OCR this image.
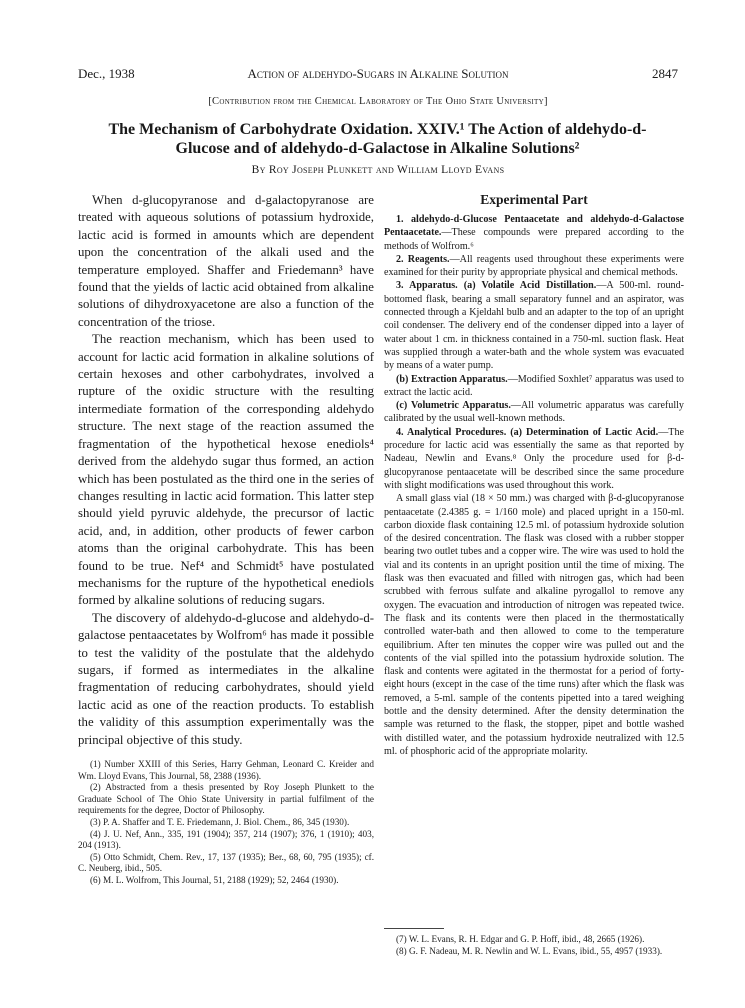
Dec., 1938	Action of aldehydo-Sugars in Alkaline Solution	2847
[Contribution from the Chemical Laboratory of The Ohio State University]
The Mechanism of Carbohydrate Oxidation. XXIV.¹ The Action of aldehydo-d-
Glucose and of aldehydo-d-Galactose in Alkaline Solutions²
By Roy Joseph Plunkett and William Lloyd Evans

When d-glucopyranose and d-galactopyranose are treated with aqueous solutions of potassium hydroxide, lactic acid is formed in amounts which are dependent upon the concentration of the alkali used and the temperature employed. Shaffer and Friedemann³ have found that the yields of lactic acid obtained from alkaline solutions of dihydroxyacetone are also a function of the concentration of the triose.

The reaction mechanism, which has been used to account for lactic acid formation in alkaline solutions of certain hexoses and other carbohydrates, involved a rupture of the oxidic structure with the resulting intermediate formation of the corresponding aldehydo structure. The next stage of the reaction assumed the fragmentation of the hypothetical hexose enediols⁴ derived from the aldehydo sugar thus formed, an action which has been postulated as the third one in the series of changes resulting in lactic acid formation. This latter step should yield pyruvic aldehyde, the precursor of lactic acid, and, in addition, other products of fewer carbon atoms than the original carbohydrate. This has been found to be true. Nef⁴ and Schmidt⁵ have postulated mechanisms for the rupture of the hypothetical enediols formed by alkaline solutions of reducing sugars.

The discovery of aldehydo-d-glucose and aldehydo-d-galactose pentaacetates by Wolfrom⁶ has made it possible to test the validity of the postulate that the aldehydo sugars, if formed as intermediates in the alkaline fragmentation of reducing carbohydrates, should yield lactic acid as one of the reaction products. To establish the validity of this assumption experimentally was the principal objective of this study.

(1) Number XXIII of this Series, Harry Gehman, Leonard C. Kreider and Wm. Lloyd Evans, This Journal, 58, 2388 (1936).

(2) Abstracted from a thesis presented by Roy Joseph Plunkett to the Graduate School of The Ohio State University in partial fulfilment of the requirements for the degree, Doctor of Philosophy.

(3) P. A. Shaffer and T. E. Friedemann, J. Biol. Chem., 86, 345 (1930).

(4) J. U. Nef, Ann., 335, 191 (1904); 357, 214 (1907); 376, 1 (1910); 403, 204 (1913).

(5) Otto Schmidt, Chem. Rev., 17, 137 (1935); Ber., 68, 60, 795 (1935); cf. C. Neuberg, ibid., 505.

(6) M. L. Wolfrom, This Journal, 51, 2188 (1929); 52, 2464 (1930).

Experimental Part

1. aldehydo-d-Glucose Pentaacetate and aldehydo-d-Galactose Pentaacetate.—These compounds were prepared according to the methods of Wolfrom.⁶

2. Reagents.—All reagents used throughout these experiments were examined for their purity by appropriate physical and chemical methods.

3. Apparatus. (a) Volatile Acid Distillation.—A 500-ml. round-bottomed flask, bearing a small separatory funnel and an aspirator, was connected through a Kjeldahl bulb and an adapter to the top of an upright coil condenser. The delivery end of the condenser dipped into a layer of water about 1 cm. in thickness contained in a 750-ml. suction flask. Heat was supplied through a water-bath and the whole system was evacuated by means of a water pump.

(b) Extraction Apparatus.—Modified Soxhlet⁷ apparatus was used to extract the lactic acid.

(c) Volumetric Apparatus.—All volumetric apparatus was carefully calibrated by the usual well-known methods.

4. Analytical Procedures. (a) Determination of Lactic Acid.—The procedure for lactic acid was essentially the same as that reported by Nadeau, Newlin and Evans.⁸ Only the procedure used for β-d-glucopyranose pentaacetate will be described since the same procedure with slight modifications was used throughout this work.

A small glass vial (18 × 50 mm.) was charged with β-d-glucopyranose pentaacetate (2.4385 g. = 1/160 mole) and placed upright in a 150-ml. carbon dioxide flask containing 12.5 ml. of potassium hydroxide solution of the desired concentration. The flask was closed with a rubber stopper bearing two outlet tubes and a copper wire. The wire was used to hold the vial and its contents in an upright position until the time of mixing. The flask was then evacuated and filled with nitrogen gas, which had been scrubbed with ferrous sulfate and alkaline pyrogallol to remove any oxygen. The evacuation and introduction of nitrogen was repeated twice. The flask and its contents were then placed in the thermostatically controlled water-bath and then allowed to come to the temperature equilibrium. After ten minutes the copper wire was pulled out and the contents of the vial spilled into the potassium hydroxide solution. The flask and contents were agitated in the thermostat for a period of forty-eight hours (except in the case of the time runs) after which the flask was removed, a 5-ml. sample of the contents pipetted into a tared weighing bottle and the density determined. After the density determination the sample was returned to the flask, the stopper, pipet and bottle washed with distilled water, and the potassium hydroxide neutralized with 12.5 ml. of phosphoric acid of the appropriate molarity.

(7) W. L. Evans, R. H. Edgar and G. P. Hoff, ibid., 48, 2665 (1926).

(8) G. F. Nadeau, M. R. Newlin and W. L. Evans, ibid., 55, 4957 (1933).
